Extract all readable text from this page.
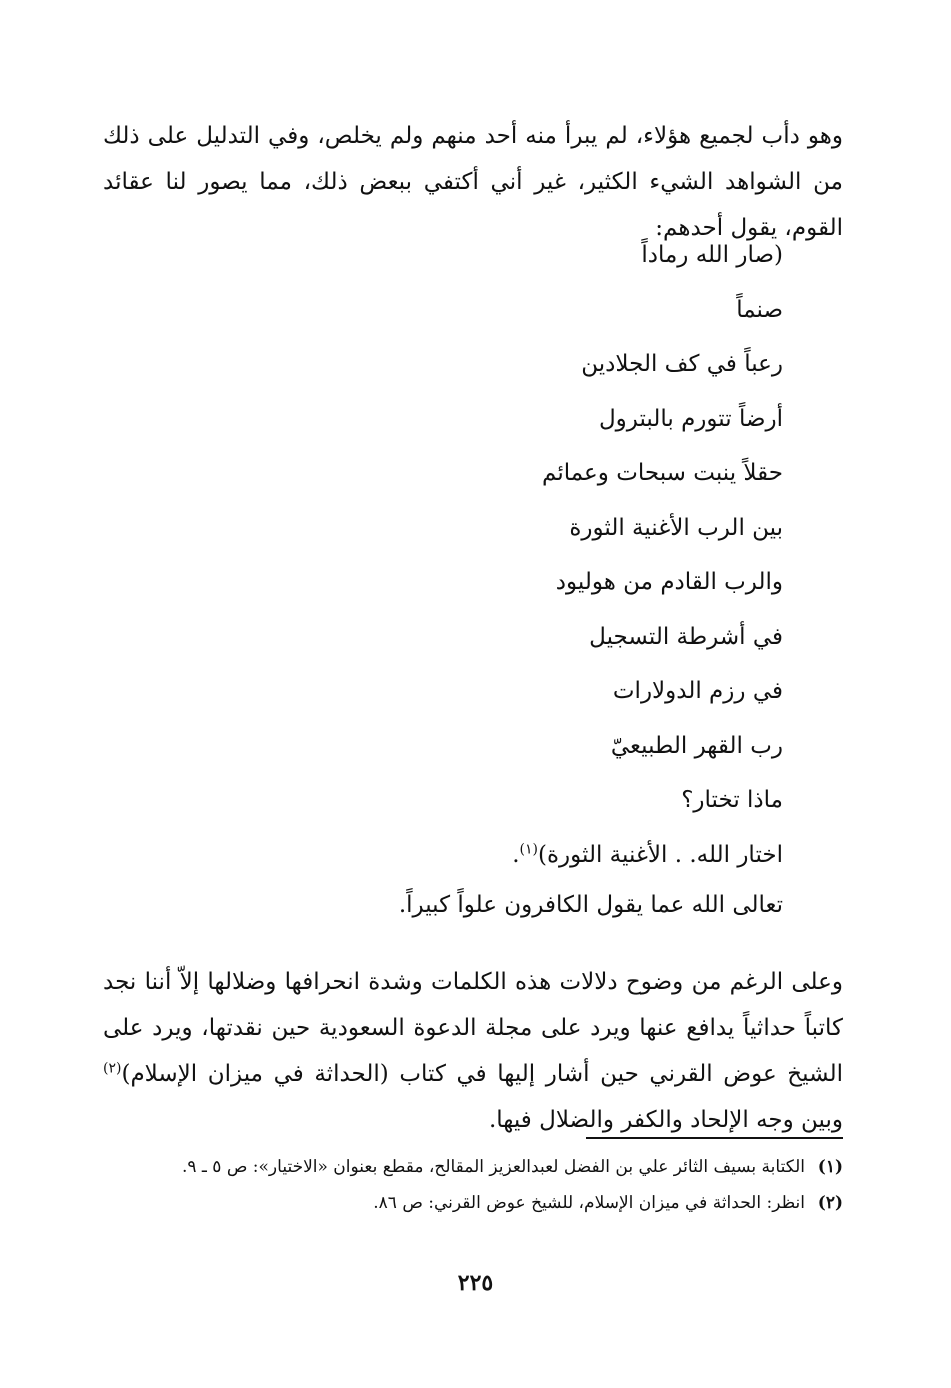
وهو دأب لجميع هؤلاء، لم يبرأ منه أحد منهم ولم يخلص، وفي التدليل على ذلك من الشواهد الشيء الكثير، غير أني أكتفي ببعض ذلك، مما يصور لنا عقائد القوم، يقول أحدهم:

(صار الله رماداً
صنماً
رعباً في كف الجلادين
أرضاً تتورم بالبترول
حقلاً ينبت سبحات وعمائم
بين الرب الأغنية الثورة
والرب القادم من هوليود
في أشرطة التسجيل
في رزم الدولارات
رب القهر الطبيعيّ
ماذا تختار؟
اختار الله. . الأغنية الثورة)$^{(١)}$.
تعالى الله عما يقول الكافرون علواً كبيراً.

وعلى الرغم من وضوح دلالات هذه الكلمات وشدة انحرافها وضلالها إلاّ أننا نجد كاتباً حداثياً يدافع عنها ويرد على مجلة الدعوة السعودية حين نقدتها، ويرد على الشيخ عوض القرني حين أشار إليها في كتاب (الحداثة في ميزان الإسلام)$^{(٢)}$ وبين وجه الإلحاد والكفر والضلال فيها.

(١)
الكتابة بسيف الثائر علي بن الفضل لعبدالعزيز المقالح، مقطع بعنوان «الاختيار»: ص ٥ ـ ٩.
(٢)
انظر: الحداثة في ميزان الإسلام، للشيخ عوض القرني: ص ٨٦.
٢٢٥
